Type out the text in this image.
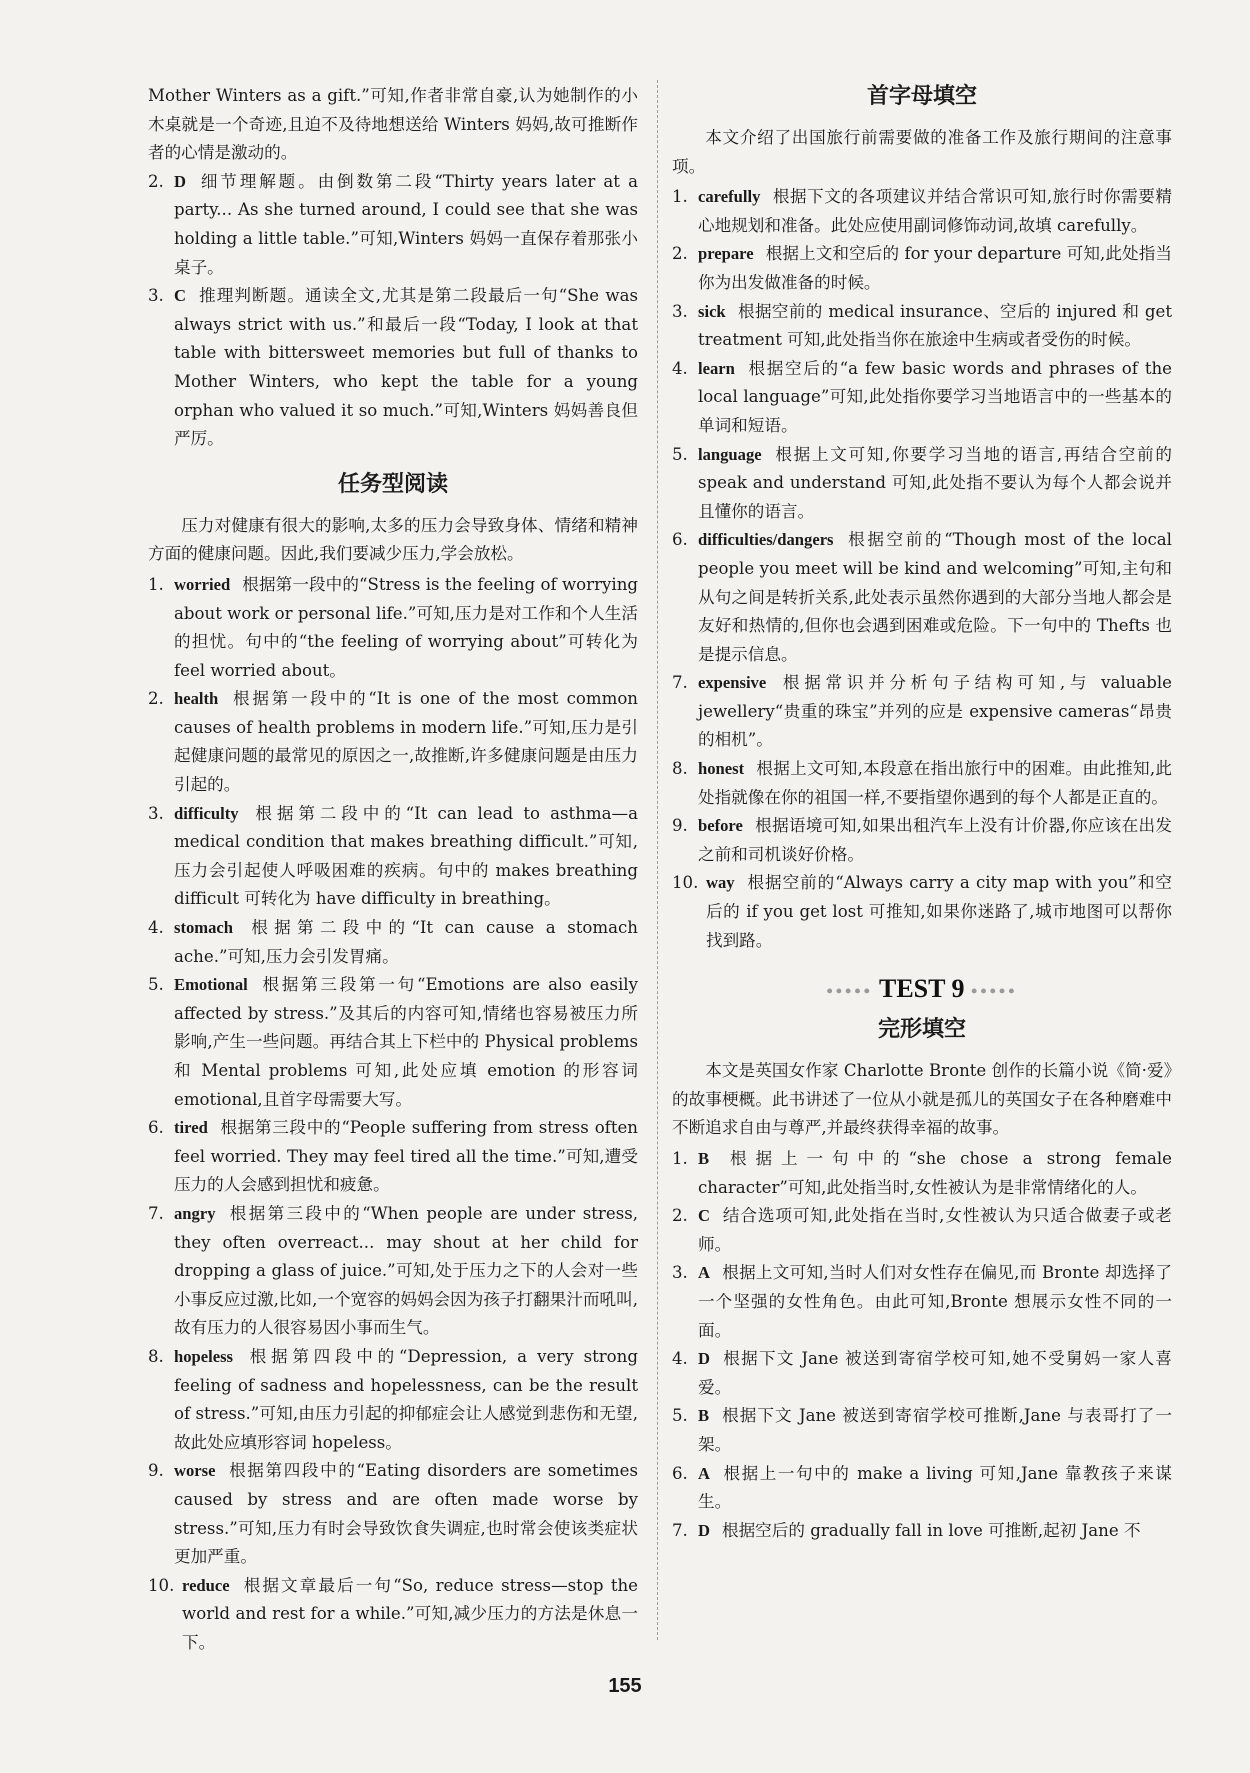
Mother Winters as a gift.”可知,作者非常自豪,认为她制作的小木桌就是一个奇迹,且迫不及待地想送给 Winters 妈妈,故可推断作者的心情是激动的。

2. D 细节理解题。由倒数第二段“Thirty years later at a party... As she turned around, I could see that she was holding a little table.”可知,Winters 妈妈一直保存着那张小桌子。
3. C 推理判断题。通读全文,尤其是第二段最后一句“She was always strict with us.”和最后一段“Today, I look at that table with bittersweet memories but full of thanks to Mother Winters, who kept the table for a young orphan who valued it so much.”可知,Winters 妈妈善良但严厉。
任务型阅读

压力对健康有很大的影响,太多的压力会导致身体、情绪和精神方面的健康问题。因此,我们要减少压力,学会放松。

1. worried 根据第一段中的“Stress is the feeling of worrying about work or personal life.”可知,压力是对工作和个人生活的担忧。句中的“the feeling of worrying about”可转化为 feel worried about。
2. health 根据第一段中的“It is one of the most common causes of health problems in modern life.”可知,压力是引起健康问题的最常见的原因之一,故推断,许多健康问题是由压力引起的。
3. difficulty 根据第二段中的“It can lead to asthma—a medical condition that makes breathing difficult.”可知,压力会引起使人呼吸困难的疾病。句中的 makes breathing difficult 可转化为 have difficulty in breathing。
4. stomach 根据第二段中的“It can cause a stomach ache.”可知,压力会引发胃痛。
5. Emotional 根据第三段第一句“Emotions are also easily affected by stress.”及其后的内容可知,情绪也容易被压力所影响,产生一些问题。再结合其上下栏中的 Physical problems 和 Mental problems 可知,此处应填 emotion 的形容词 emotional,且首字母需要大写。
6. tired 根据第三段中的“People suffering from stress often feel worried. They may feel tired all the time.”可知,遭受压力的人会感到担忧和疲惫。
7. angry 根据第三段中的“When people are under stress, they often overreact... may shout at her child for dropping a glass of juice.”可知,处于压力之下的人会对一些小事反应过激,比如,一个宽容的妈妈会因为孩子打翻果汁而吼叫,故有压力的人很容易因小事而生气。
8. hopeless 根据第四段中的“Depression, a very strong feeling of sadness and hopelessness, can be the result of stress.”可知,由压力引起的抑郁症会让人感觉到悲伤和无望,故此处应填形容词 hopeless。
9. worse 根据第四段中的“Eating disorders are sometimes caused by stress and are often made worse by stress.”可知,压力有时会导致饮食失调症,也时常会使该类症状更加严重。
10. reduce 根据文章最后一句“So, reduce stress—stop the world and rest for a while.”可知,减少压力的方法是休息一下。
首字母填空

本文介绍了出国旅行前需要做的准备工作及旅行期间的注意事项。

1. carefully 根据下文的各项建议并结合常识可知,旅行时你需要精心地规划和准备。此处应使用副词修饰动词,故填 carefully。
2. prepare 根据上文和空后的 for your departure 可知,此处指当你为出发做准备的时候。
3. sick 根据空前的 medical insurance、空后的 injured 和 get treatment 可知,此处指当你在旅途中生病或者受伤的时候。
4. learn 根据空后的“a few basic words and phrases of the local language”可知,此处指你要学习当地语言中的一些基本的单词和短语。
5. language 根据上文可知,你要学习当地的语言,再结合空前的 speak and understand 可知,此处指不要认为每个人都会说并且懂你的语言。
6. difficulties/dangers 根据空前的“Though most of the local people you meet will be kind and welcoming”可知,主句和从句之间是转折关系,此处表示虽然你遇到的大部分当地人都会是友好和热情的,但你也会遇到困难或危险。下一句中的 Thefts 也是提示信息。
7. expensive 根据常识并分析句子结构可知,与 valuable jewellery“贵重的珠宝”并列的应是 expensive cameras“昂贵的相机”。
8. honest 根据上文可知,本段意在指出旅行中的困难。由此推知,此处指就像在你的祖国一样,不要指望你遇到的每个人都是正直的。
9. before 根据语境可知,如果出租汽车上没有计价器,你应该在出发之前和司机谈好价格。
10. way 根据空前的“Always carry a city map with you”和空后的 if you get lost 可推知,如果你迷路了,城市地图可以帮你找到路。
••••• TEST 9 •••••
完形填空

本文是英国女作家 Charlotte Bronte 创作的长篇小说《简·爱》的故事梗概。此书讲述了一位从小就是孤儿的英国女子在各种磨难中不断追求自由与尊严,并最终获得幸福的故事。

1. B 根据上一句中的“she chose a strong female character”可知,此处指当时,女性被认为是非常情绪化的人。
2. C 结合选项可知,此处指在当时,女性被认为只适合做妻子或老师。
3. A 根据上文可知,当时人们对女性存在偏见,而 Bronte 却选择了一个坚强的女性角色。由此可知,Bronte 想展示女性不同的一面。
4. D 根据下文 Jane 被送到寄宿学校可知,她不受舅妈一家人喜爱。
5. B 根据下文 Jane 被送到寄宿学校可推断,Jane 与表哥打了一架。
6. A 根据上一句中的 make a living 可知,Jane 靠教孩子来谋生。
7. D 根据空后的 gradually fall in love 可推断,起初 Jane 不
155
